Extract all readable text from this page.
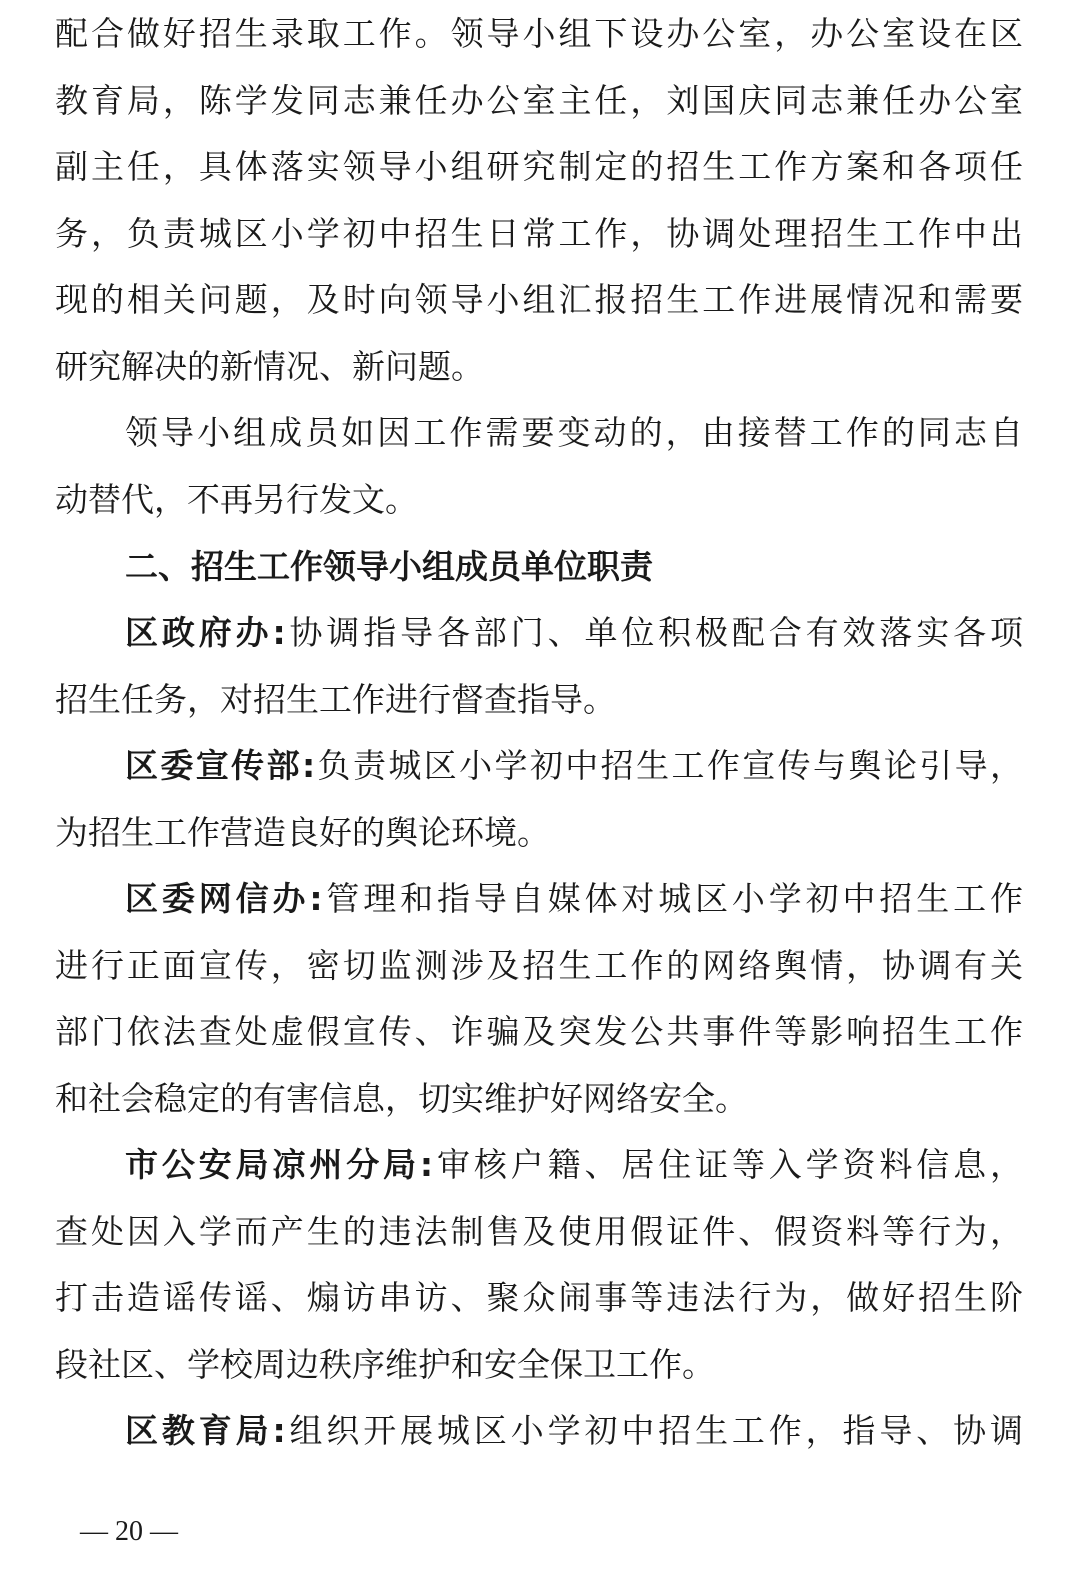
配合做好招生录取工作。领导小组下设办公室，办公室设在区
教育局，陈学发同志兼任办公室主任，刘国庆同志兼任办公室
副主任，具体落实领导小组研究制定的招生工作方案和各项任
务，负责城区小学初中招生日常工作，协调处理招生工作中出
现的相关问题，及时向领导小组汇报招生工作进展情况和需要
研究解决的新情况、新问题。
领导小组成员如因工作需要变动的，由接替工作的同志自
动替代，不再另行发文。
二、招生工作领导小组成员单位职责
区政府办:协调指导各部门、单位积极配合有效落实各项
招生任务，对招生工作进行督查指导。
区委宣传部:负责城区小学初中招生工作宣传与舆论引导，
为招生工作营造良好的舆论环境。
区委网信办:管理和指导自媒体对城区小学初中招生工作
进行正面宣传，密切监测涉及招生工作的网络舆情，协调有关
部门依法查处虚假宣传、诈骗及突发公共事件等影响招生工作
和社会稳定的有害信息，切实维护好网络安全。
市公安局凉州分局:审核户籍、居住证等入学资料信息，
查处因入学而产生的违法制售及使用假证件、假资料等行为，
打击造谣传谣、煽访串访、聚众闹事等违法行为，做好招生阶
段社区、学校周边秩序维护和安全保卫工作。
区教育局:组织开展城区小学初中招生工作，指导、协调
— 20 —
